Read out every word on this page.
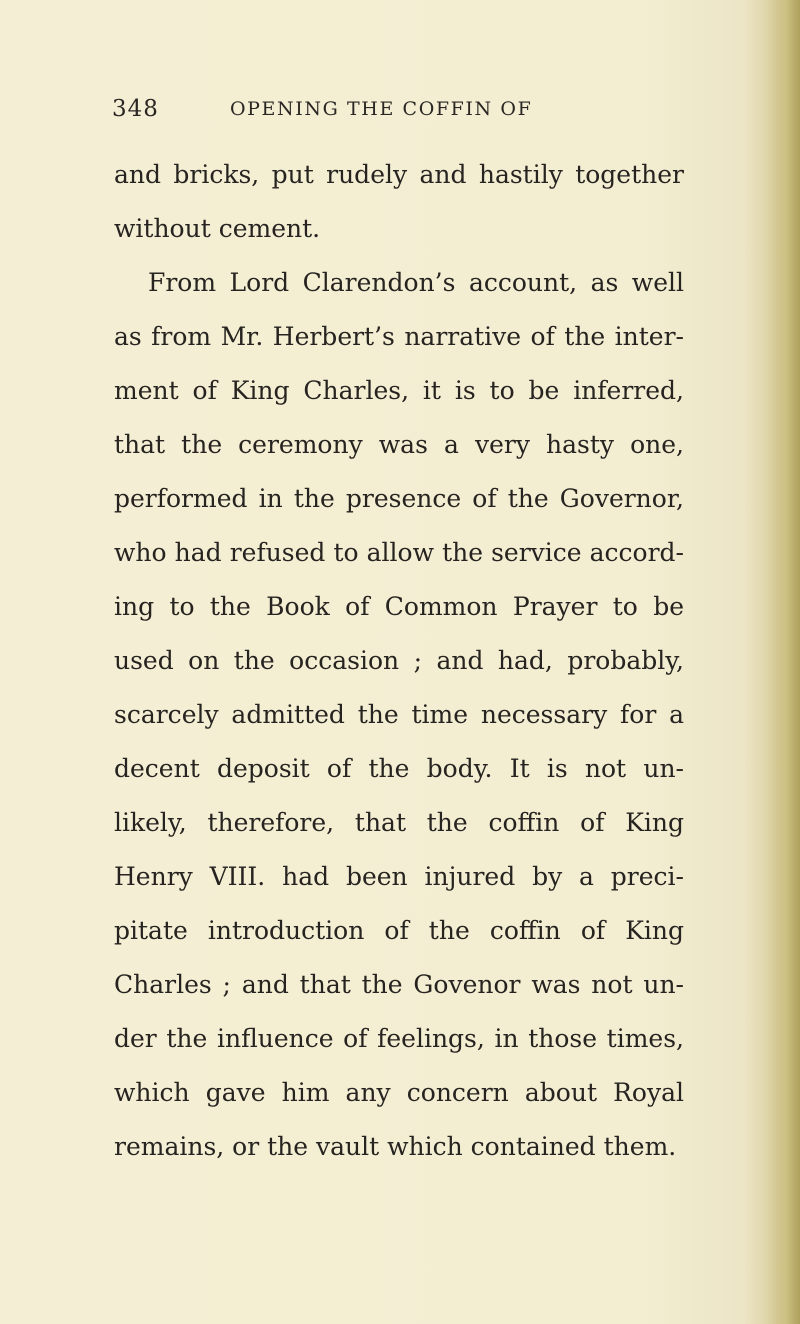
348	OPENING THE COFFIN OF
and bricks, put rudely and hastily together
without cement.
From Lord Clarendon’s account, as well
as from Mr. Herbert’s narrative of the inter-
ment of King Charles, it is to be inferred,
that the ceremony was a very hasty one,
performed in the presence of the Governor,
who had refused to allow the service accord-
ing to the Book of Common Prayer to be
used on the occasion ; and had, probably,
scarcely admitted the time necessary for a
decent deposit of the body. It is not un-
likely, therefore, that the coffin of King
Henry VIII. had been injured by a preci-
pitate introduction of the coffin of King
Charles ; and that the Govenor was not un-
der the influence of feelings, in those times,
which gave him any concern about Royal
remains, or the vault which contained them.
